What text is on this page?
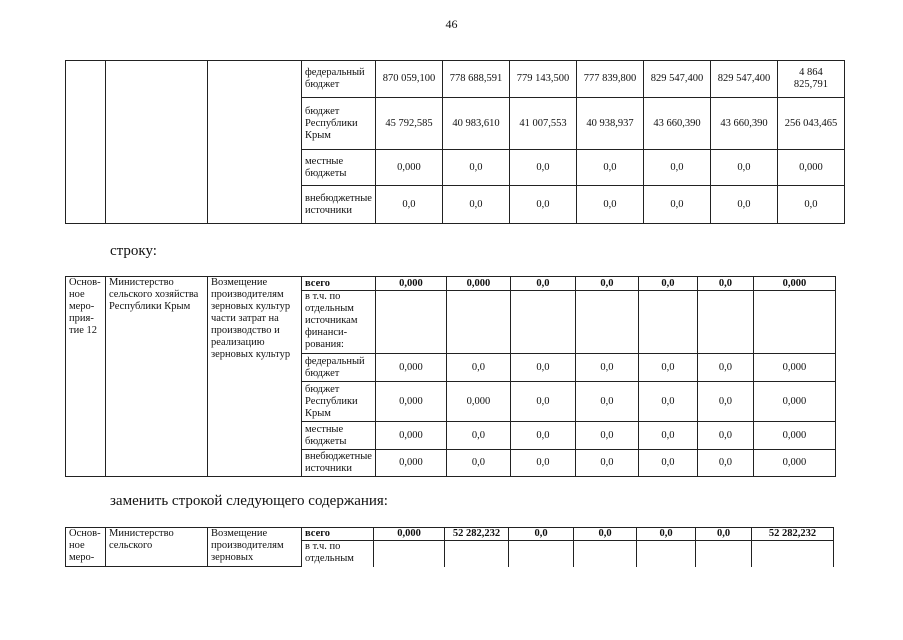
46
			федеральный бюджет	870 059,100	778 688,591	779 143,500	777 839,800	829 547,400	829 547,400	4 864 825,791
			бюджет Республики Крым	45 792,585	40 983,610	41 007,553	40 938,937	43 660,390	43 660,390	256 043,465
			местные бюджеты	0,000	0,0	0,0	0,0	0,0	0,0	0,000
			внебюджетные источники	0,0	0,0	0,0	0,0	0,0	0,0	0,0
строку:
Основ-ное меро-прия-тие 12	Министерство сельского хозяйства Республики Крым	Возмещение производителям зерновых культур части затрат на производство и реализацию зерновых культур	всего	0,000	0,000	0,0	0,0	0,0	0,0	0,000
			в т.ч. по отдельным источникам финанси-рования:							
			федеральный бюджет	0,000	0,0	0,0	0,0	0,0	0,0	0,000
			бюджет Республики Крым	0,000	0,000	0,0	0,0	0,0	0,0	0,000
			местные бюджеты	0,000	0,0	0,0	0,0	0,0	0,0	0,000
			внебюджетные источники	0,000	0,0	0,0	0,0	0,0	0,0	0,000
заменить строкой следующего содержания:
Основ-ное меро-	Министерство сельского	Возмещение производителям зерновых	всего	0,000	52 282,232	0,0	0,0	0,0	0,0	52 282,232
			в т.ч. по отдельным							
